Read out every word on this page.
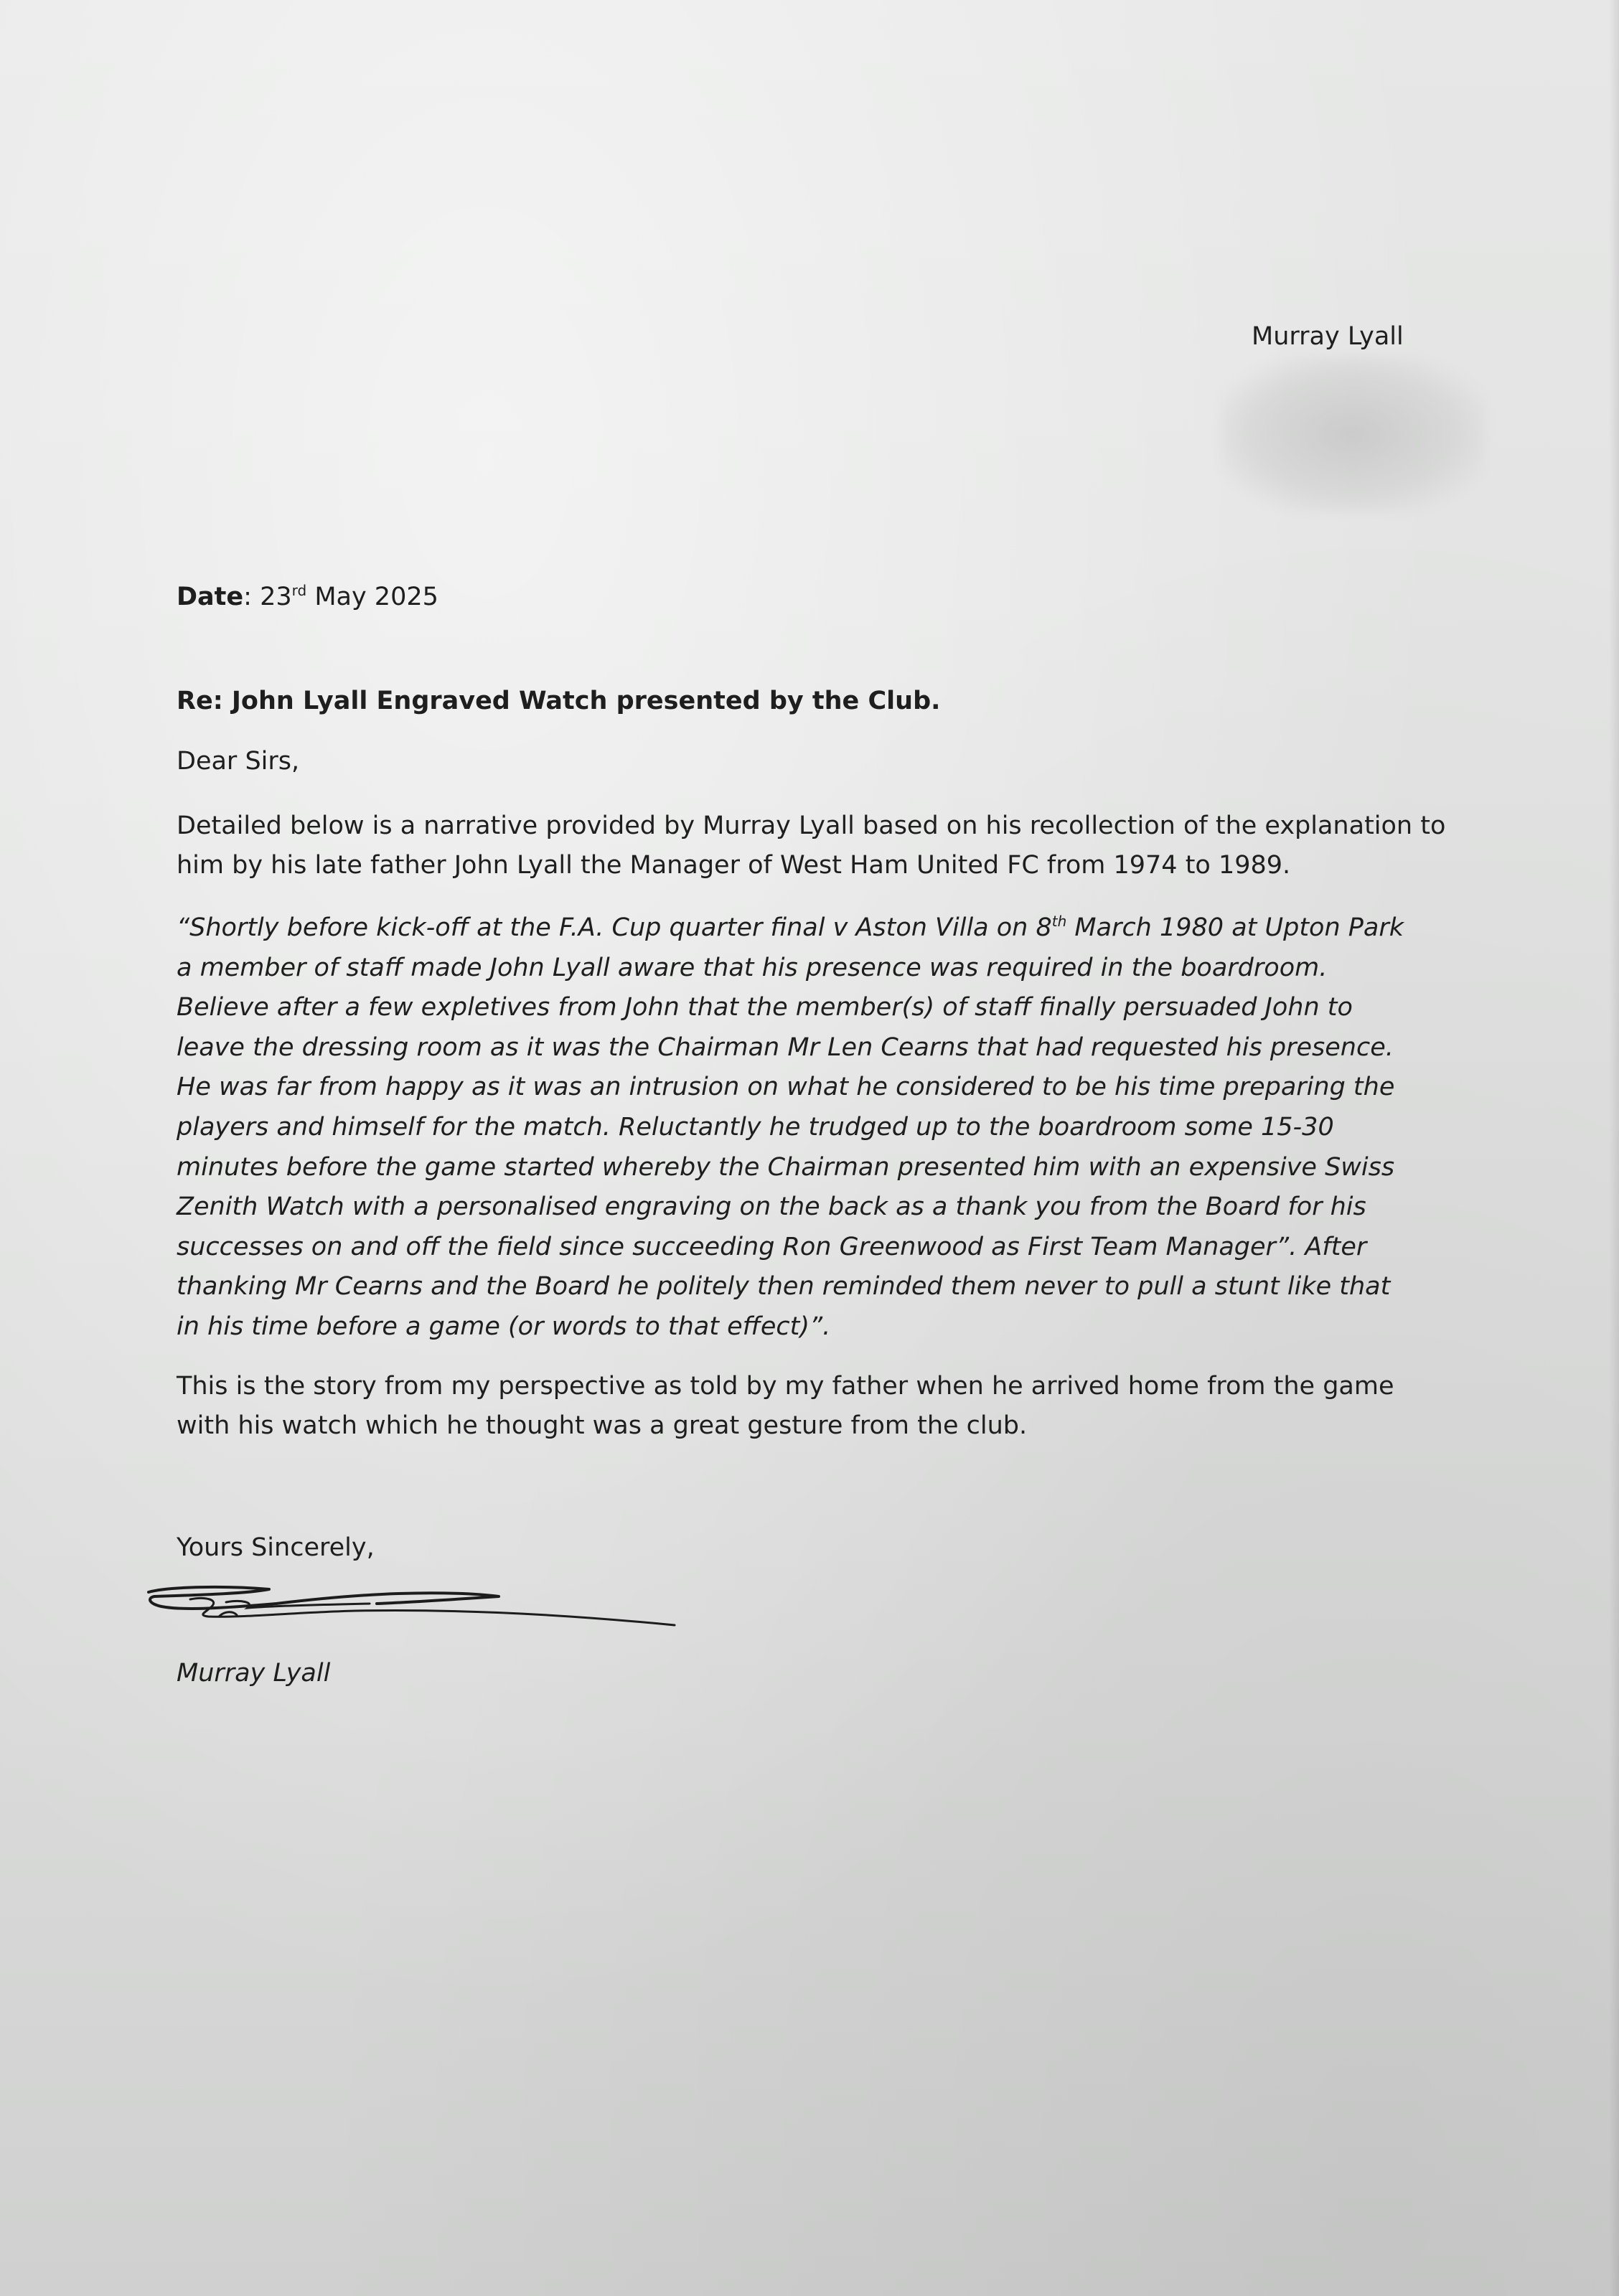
Murray Lyall
Date: 23rd May 2025
Re: John Lyall Engraved Watch presented by the Club.
Dear Sirs,
Detailed below is a narrative provided by Murray Lyall based on his recollection of the explanation to him by his late father John Lyall the Manager of West Ham United FC from 1974 to 1989.
“Shortly before kick-off at the F.A. Cup quarter final v Aston Villa on 8th March 1980 at Upton Park a member of staff made John Lyall aware that his presence was required in the boardroom. Believe after a few expletives from John that the member(s) of staff finally persuaded John to leave the dressing room as it was the Chairman Mr Len Cearns that had requested his presence. He was far from happy as it was an intrusion on what he considered to be his time preparing the players and himself for the match. Reluctantly he trudged up to the boardroom some 15-30 minutes before the game started whereby the Chairman presented him with an expensive Swiss Zenith Watch with a personalised engraving on the back as a thank you from the Board for his successes on and off the field since succeeding Ron Greenwood as First Team Manager”. After thanking Mr Cearns and the Board he politely then reminded them never to pull a stunt like that in his time before a game (or words to that effect)”.
This is the story from my perspective as told by my father when he arrived home from the game with his watch which he thought was a great gesture from the club.
Yours Sincerely,
Murray Lyall
